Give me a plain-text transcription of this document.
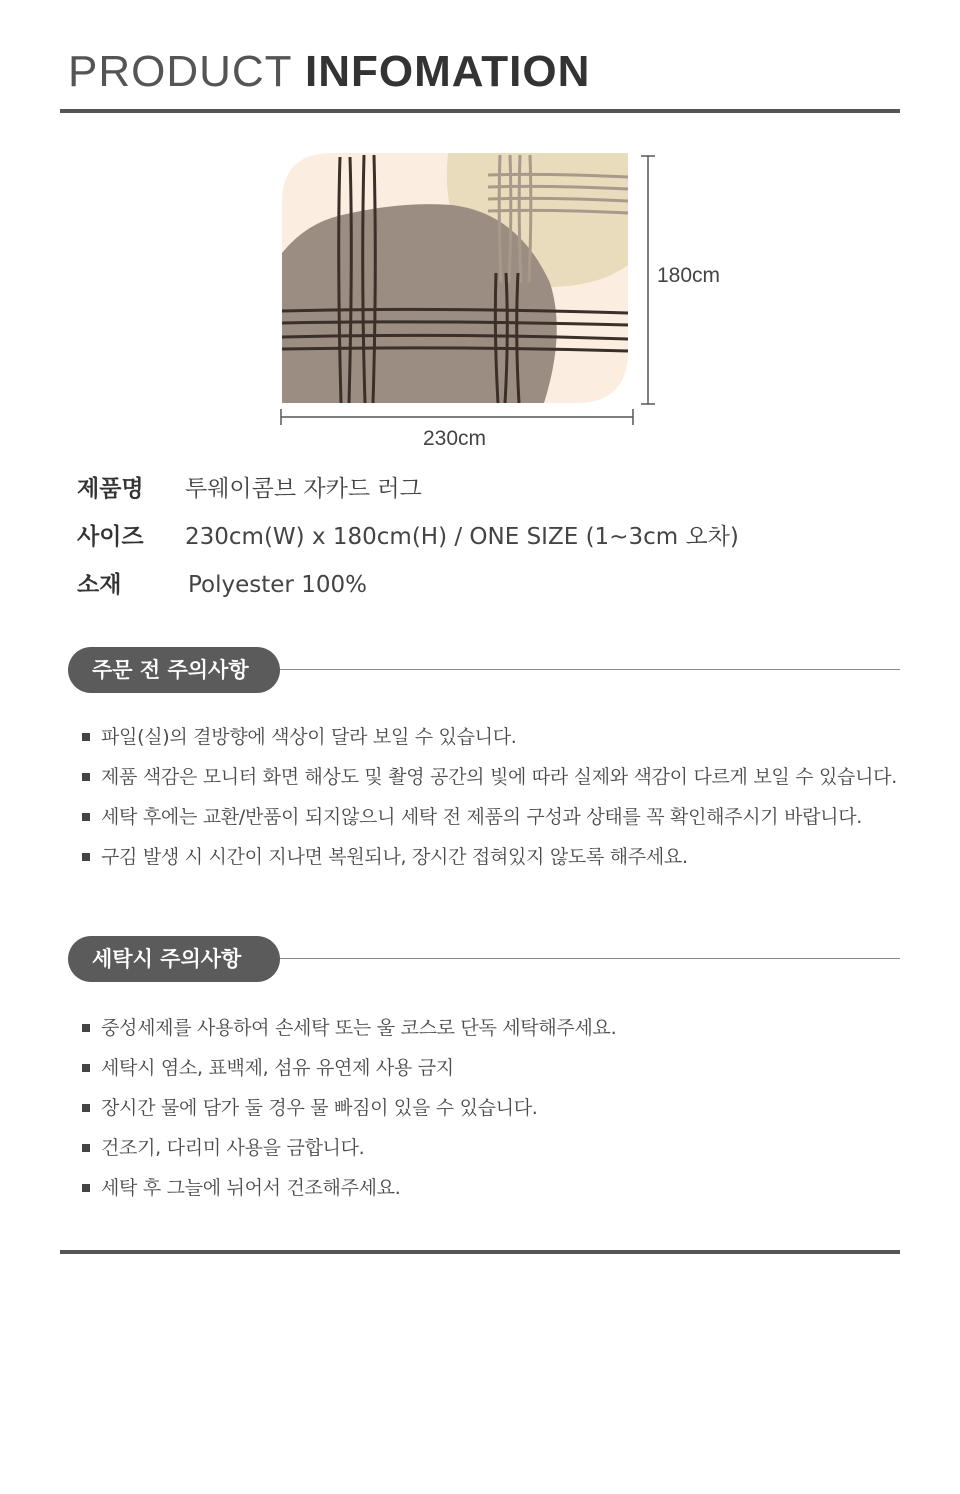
PRODUCT INFOMATION
180cm
230cm
제품명	투웨이콤브 자카드 러그
사이즈	230cm(W) x 180cm(H) / ONE SIZE (1~3cm 오차)
소재	Polyester 100%
주문 전 주의사항
파일(실)의 결방향에 색상이 달라 보일 수 있습니다.
제품 색감은 모니터 화면 해상도 및 촬영 공간의 빛에 따라 실제와 색감이 다르게 보일 수 있습니다.
세탁 후에는 교환/반품이 되지않으니 세탁 전 제품의 구성과 상태를 꼭 확인해주시기 바랍니다.
구김 발생 시 시간이 지나면 복원되나, 장시간 접혀있지 않도록 해주세요.
세탁시 주의사항
중성세제를 사용하여 손세탁 또는 울 코스로 단독 세탁해주세요.
세탁시 염소, 표백제, 섬유 유연제 사용 금지
장시간 물에 담가 둘 경우 물 빠짐이 있을 수 있습니다.
건조기, 다리미 사용을 금합니다.
세탁 후 그늘에 뉘어서 건조해주세요.
